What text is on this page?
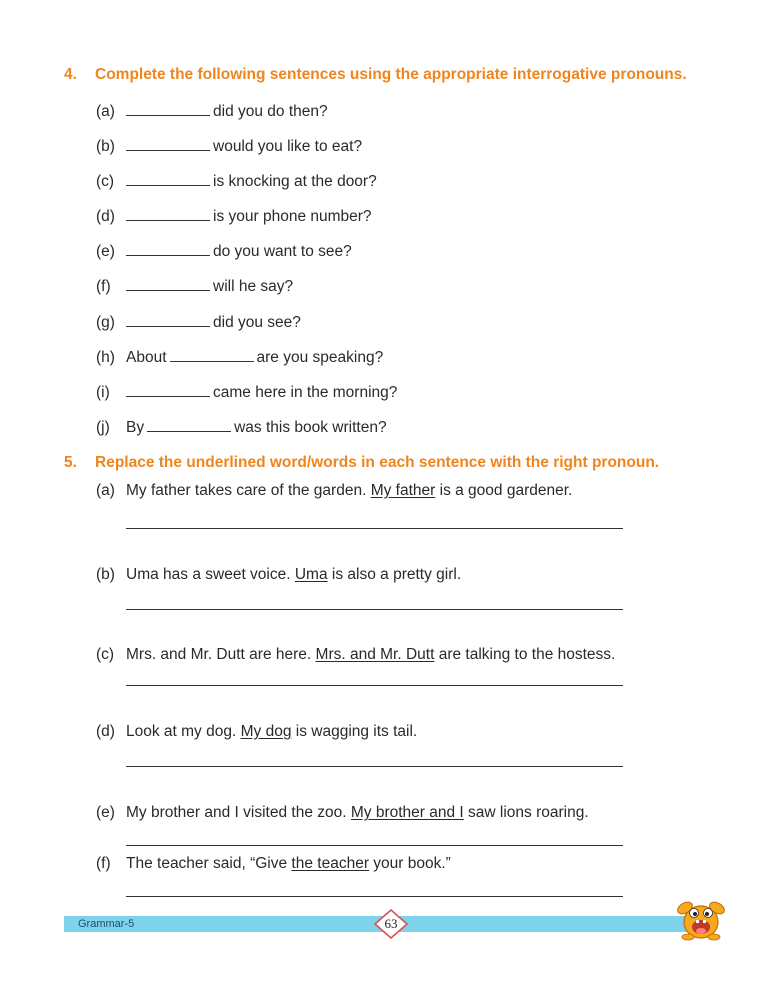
4. Complete the following sentences using the appropriate interrogative pronouns.
(a)	did you do then?
(b)	would you like to eat?
(c)	is knocking at the door?
(d)	is your phone number?
(e)	do you want to see?
(f)	will he say?
(g)	did you see?
(h) About	are you speaking?
(i)	came here in the morning?
(j) By	was this book written?
5. Replace the underlined word/words in each sentence with the right pronoun.
(a) My father takes care of the garden. My father is a good gardener.
(b) Uma has a sweet voice. Uma is also a pretty girl.
(c) Mrs. and Mr. Dutt are here. Mrs. and Mr. Dutt are talking to the hostess.
(d) Look at my dog. My dog is wagging its tail.
(e) My brother and I visited the zoo. My brother and I saw lions roaring.
(f) The teacher said, “Give the teacher your book.”
Grammar-5	63
